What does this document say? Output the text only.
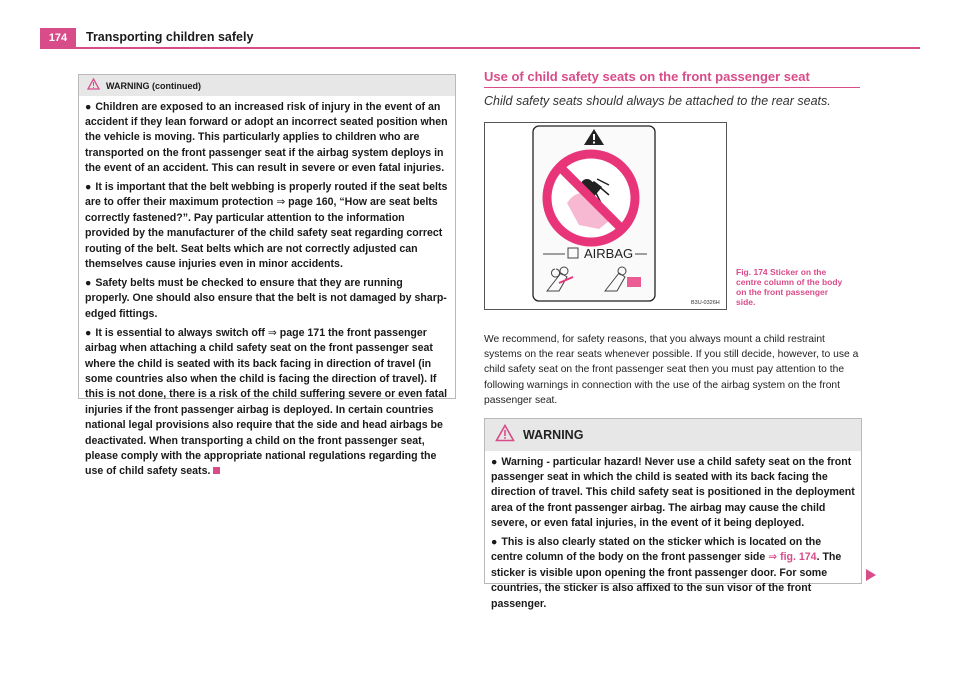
174	Transporting children safely
WARNING (continued)
● Children are exposed to an increased risk of injury in the event of an accident if they lean forward or adopt an incorrect seated position when the vehicle is moving. This particularly applies to children who are transported on the front passenger seat if the airbag system deploys in the event of an accident. This can result in severe or even fatal injuries.
● It is important that the belt webbing is properly routed if the seat belts are to offer their maximum protection ⇒ page 160, “How are seat belts correctly fastened?”. Pay particular attention to the information provided by the manufacturer of the child safety seat regarding correct routing of the belt. Seat belts which are not correctly adjusted can themselves cause injuries even in minor accidents.
● Safety belts must be checked to ensure that they are running properly. One should also ensure that the belt is not damaged by sharp-edged fittings.
● It is essential to always switch off ⇒ page 171 the front passenger airbag when attaching a child safety seat on the front passenger seat where the child is seated with its back facing in direction of travel (in some countries also when the child is facing the direction of travel). If this is not done, there is a risk of the child suffering severe or even fatal injuries if the front passenger airbag is deployed. In certain countries national legal provisions also require that the side and head airbags be deactivated. When transporting a child on the front passenger seat, please comply with the appropriate national regulations regarding the use of child safety seats.
Use of child safety seats on the front passenger seat
Child safety seats should always be attached to the rear seats.
AIRBAG
B3U-0326H
Fig. 174 Sticker on the centre column of the body on the front passenger side.
We recommend, for safety reasons, that you always mount a child restraint systems on the rear seats whenever possible. If you still decide, however, to use a child safety seat on the front passenger seat then you must pay attention to the following warnings in connection with the use of the airbag system on the front passenger seat.
WARNING
● Warning - particular hazard! Never use a child safety seat on the front passenger seat in which the child is seated with its back facing the direction of travel. This child safety seat is positioned in the deployment area of the front passenger airbag. The airbag may cause the child severe, or even fatal injuries, in the event of it being deployed.
● This is also clearly stated on the sticker which is located on the centre column of the body on the front passenger side ⇒ fig. 174. The sticker is visible upon opening the front passenger door. For some countries, the sticker is also affixed to the sun visor of the front passenger.
